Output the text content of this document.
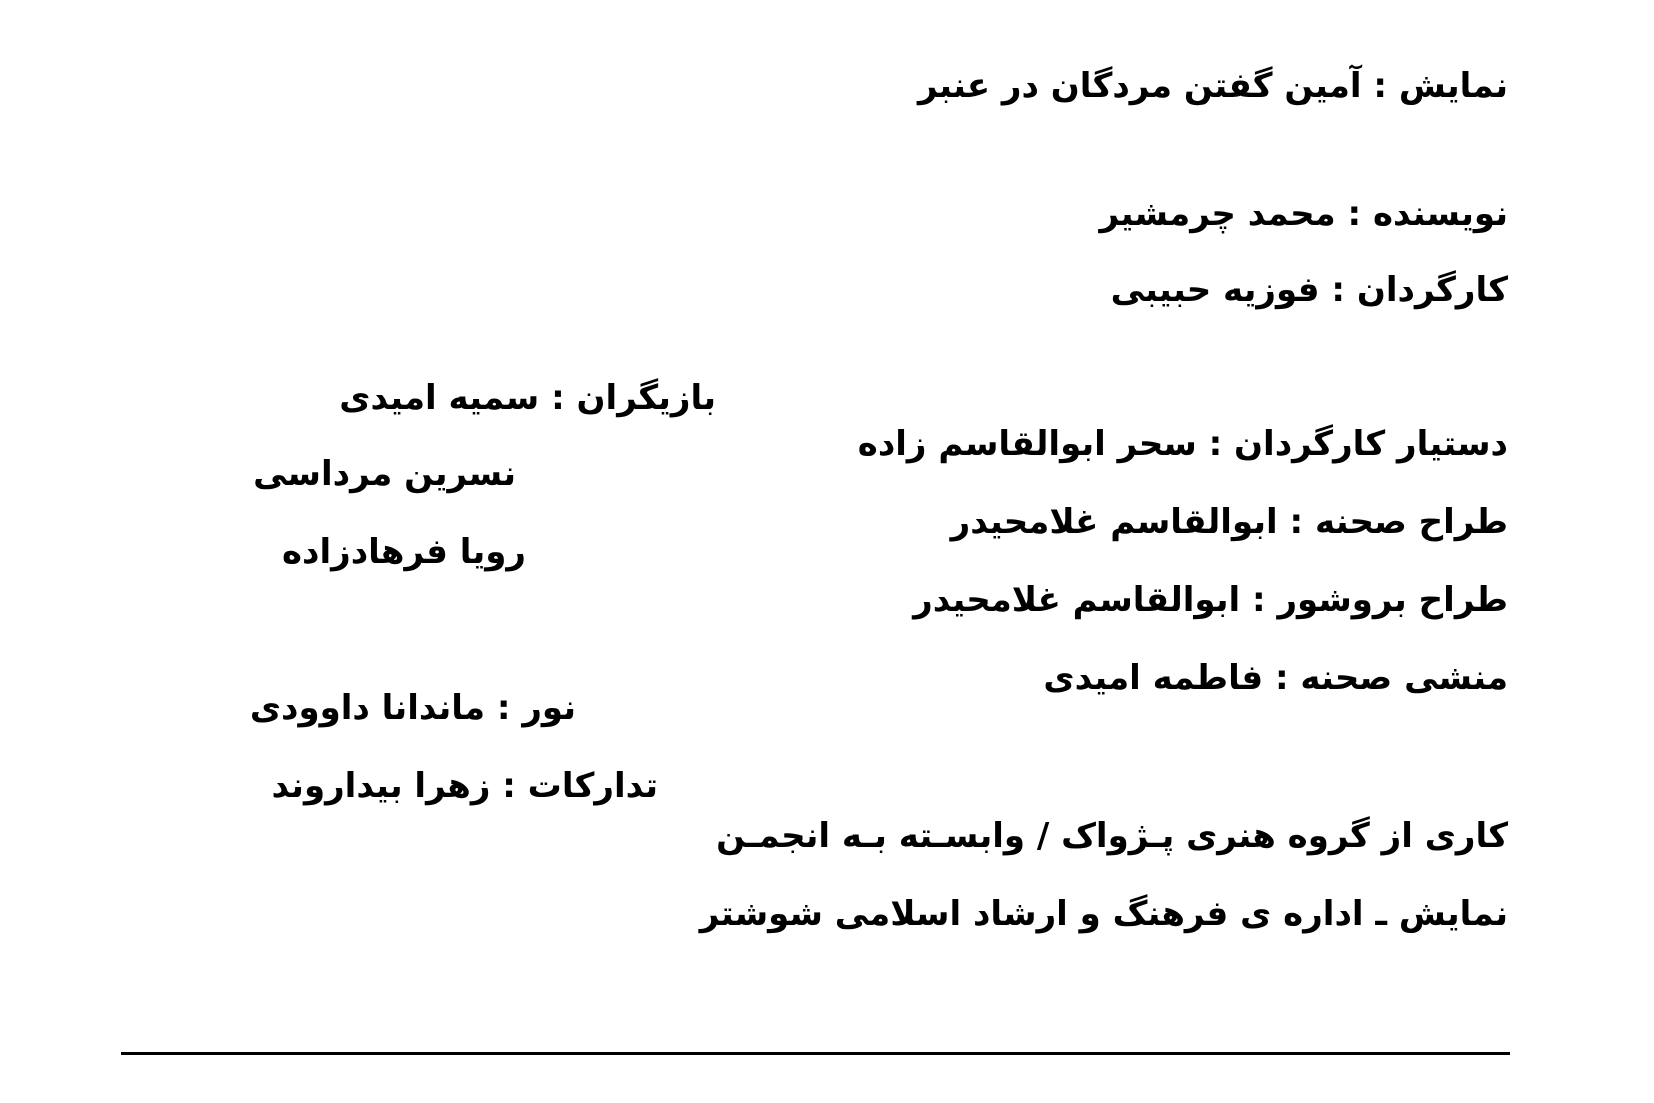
نمایش : آمین گفتن مردگان در عنبر
نویسنده : محمد چرمشیر
کارگردان : فوزیه حبیبی
بازیگران : سمیه امیدی
نسرین مرداسی
رویا فرهادزاده
دستیار کارگردان : سحر ابوالقاسم زاده
طراح صحنه : ابوالقاسم غلامحیدر
طراح بروشور : ابوالقاسم غلامحیدر
منشی صحنه : فاطمه امیدی
نور : ماندانا داوودی
تدارکات : زهرا بیداروند
کاری از گروه هنری پـژواک / وابسـته بـه انجمـن
نمایش ـ اداره ی فرهنگ و ارشاد اسلامی شوشتر
